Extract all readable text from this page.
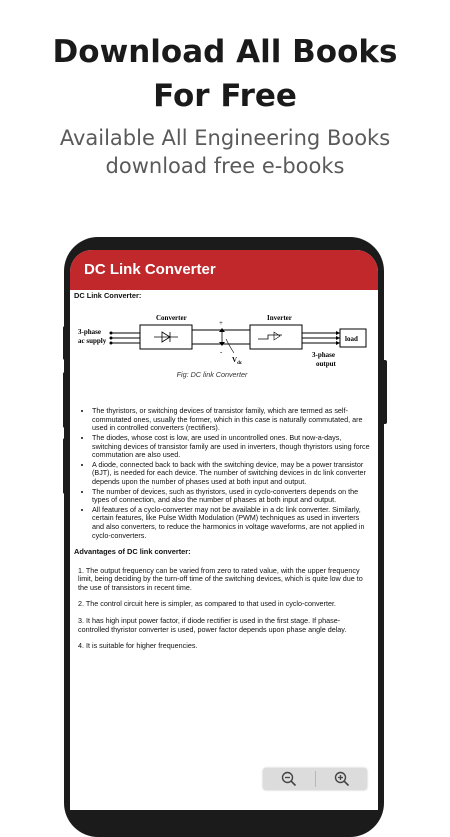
Download All Books
For Free
Available All Engineering Books
download free e-books
DC Link Converter
DC Link Converter:
Converter	Inverter
3-phase
ac supply
+
-
$V_{dc}$
load
3-phase
output
Fig: DC link Converter
• The thyristors, or switching devices of transistor family, which are termed as self-commutated ones, usually the former, which in this case is naturally commutated, are used in controlled converters (rectifiers).
• The diodes, whose cost is low, are used in uncontrolled ones. But now-a-days, switching devices of transistor family are used in inverters, though thyristors using force commutation are also used.
• A diode, connected back to back with the switching device, may be a power transistor (BJT), is needed for each device. The number of switching devices in dc link converter depends upon the number of phases used at both input and output.
• The number of devices, such as thyristors, used in cyclo-converters depends on the types of connection, and also the number of phases at both input and output.
• All features of a cyclo-converter may not be available in a dc link converter. Similarly, certain features, like Pulse Width Modulation (PWM) techniques as used in inverters and also converters, to reduce the harmonics in voltage waveforms, are not applied in cyclo-converters.
Advantages of DC link converter:
1. The output frequency can be varied from zero to rated value, with the upper frequency limit, being deciding by the turn-off time of the switching devices, which is quite low due to the use of transistors in recent time.
2. The control circuit here is simpler, as compared to that used in cyclo-converter.
3. It has high input power factor, if diode rectifier is used in the first stage. If phase-controlled thyristor converter is used, power factor depends upon phase angle delay.
4. It is suitable for higher frequencies.
